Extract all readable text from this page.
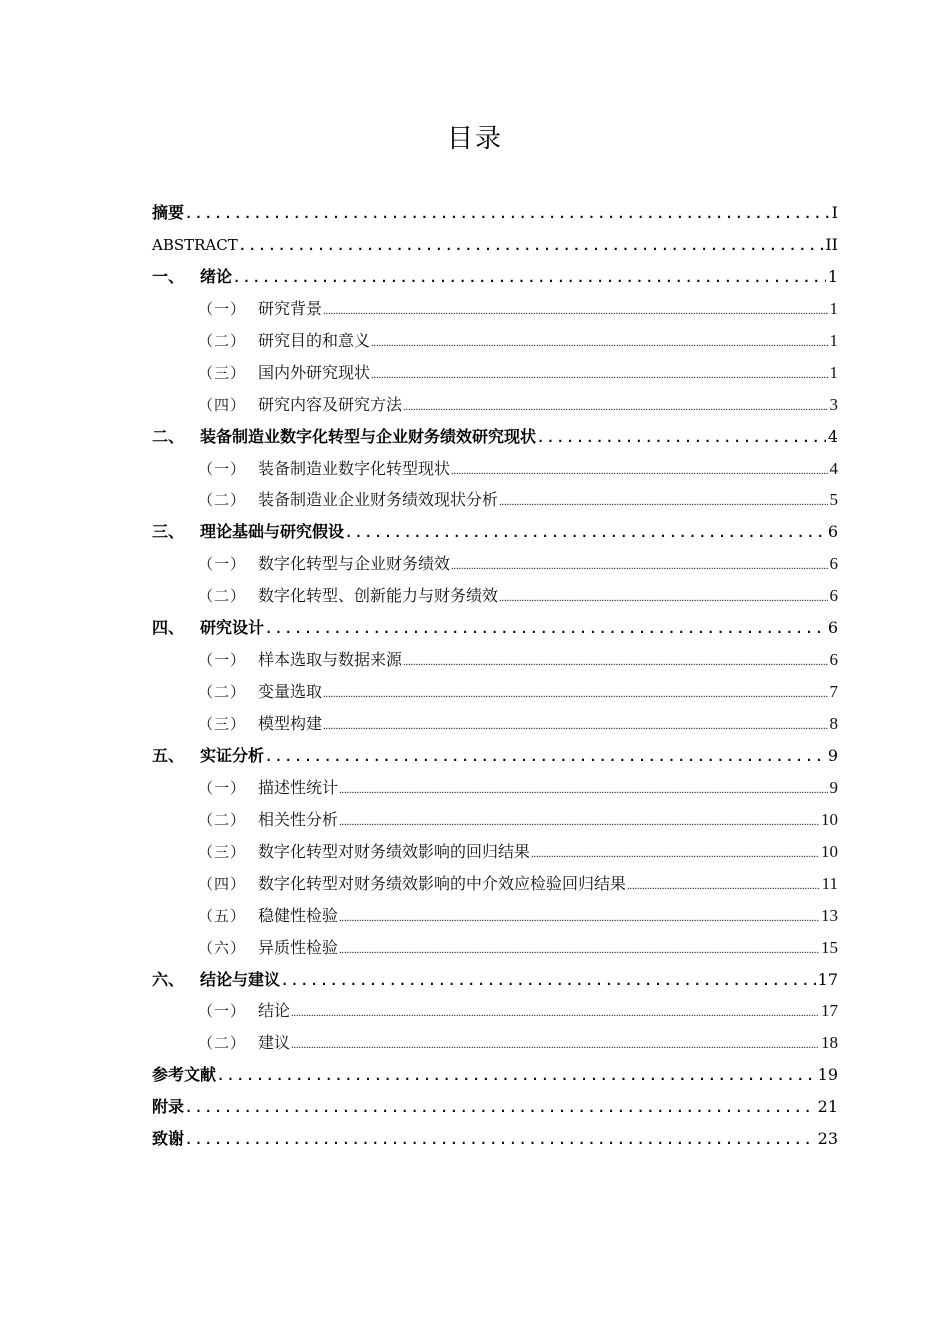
目录
摘要 .....	I
ABSTRACT .....	II
一、 绪论 .....	1
（一） 研究背景 .....	1
（二） 研究目的和意义 .....	1
（三） 国内外研究现状 .....	1
（四） 研究内容及研究方法 .....	3
二、 装备制造业数字化转型与企业财务绩效研究现状 .....	4
（一） 装备制造业数字化转型现状 .....	4
（二） 装备制造业企业财务绩效现状分析 .....	5
三、 理论基础与研究假设 .....	6
（一） 数字化转型与企业财务绩效 .....	6
（二） 数字化转型、创新能力与财务绩效 .....	6
四、 研究设计 .....	6
（一） 样本选取与数据来源 .....	6
（二） 变量选取 .....	7
（三） 模型构建 .....	8
五、 实证分析 .....	9
（一） 描述性统计 .....	9
（二） 相关性分析 .....	10
（三） 数字化转型对财务绩效影响的回归结果 .....	10
（四） 数字化转型对财务绩效影响的中介效应检验回归结果 .....	11
（五） 稳健性检验 .....	13
（六） 异质性检验 .....	15
六、 结论与建议 .....	17
（一） 结论 .....	17
（二） 建议 .....	18
参考文献 .....	19
附录 .....	21
致谢 .....	23
